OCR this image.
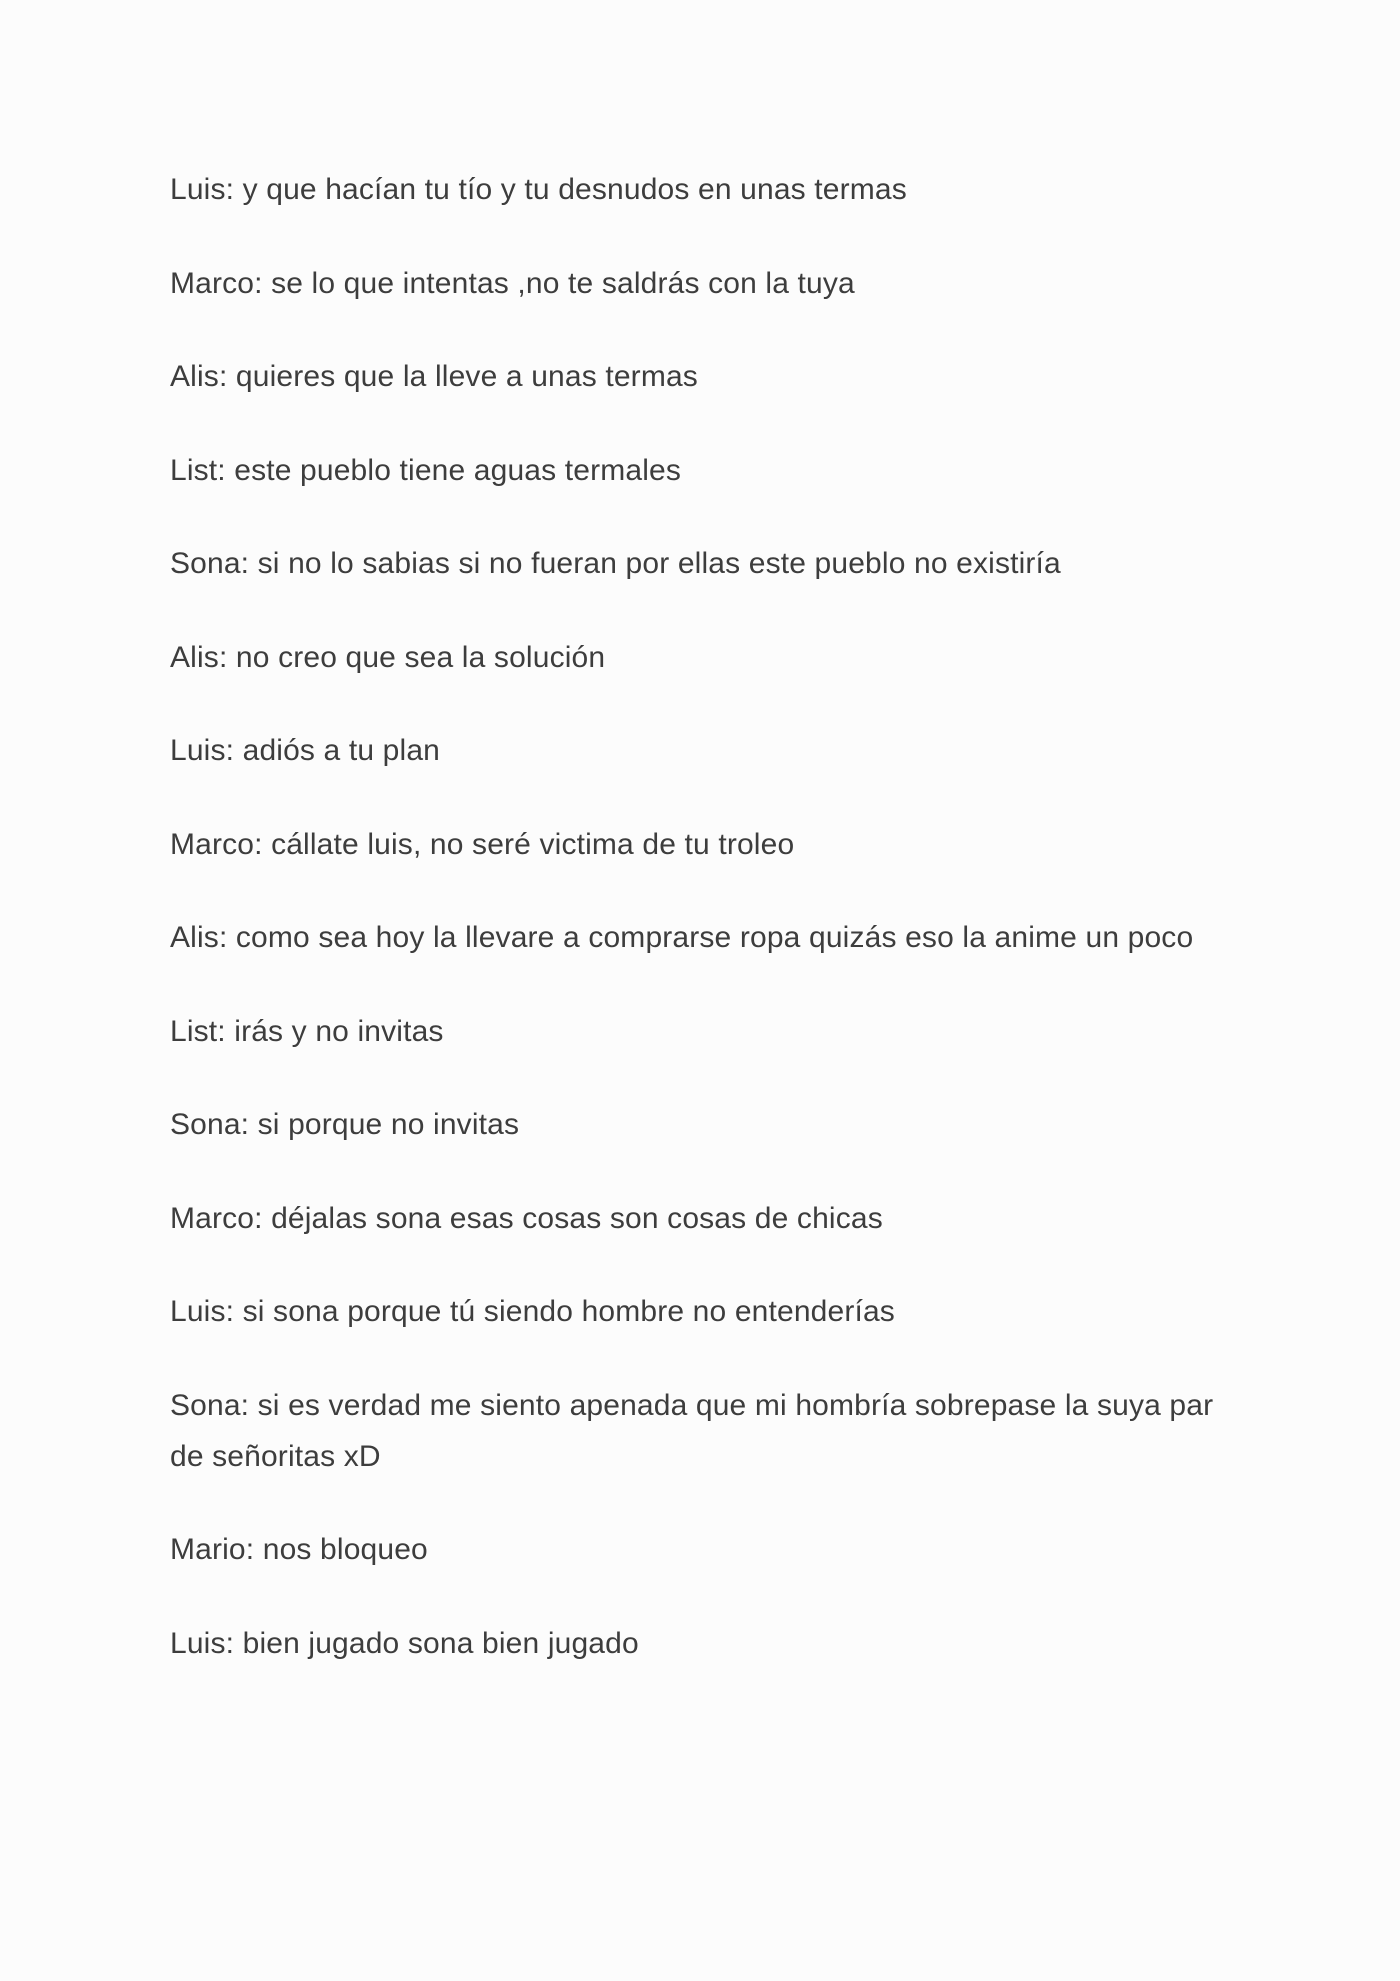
Luis: y que hacían tu tío y tu desnudos en unas termas
Marco: se lo que intentas ,no te saldrás con la tuya
Alis: quieres que la lleve a unas termas
List: este pueblo tiene aguas termales
Sona: si no lo sabias si no fueran por ellas este pueblo no existiría
Alis: no creo que sea la solución
Luis: adiós a tu plan
Marco: cállate luis, no seré victima de tu troleo
Alis: como sea hoy la llevare a comprarse ropa quizás eso la anime un poco
List: irás y no invitas
Sona: si porque no invitas
Marco: déjalas sona esas cosas son cosas de chicas
Luis: si sona porque tú siendo hombre no entenderías
Sona: si es verdad me siento apenada que mi hombría sobrepase la suya par de señoritas xD
Mario: nos bloqueo
Luis: bien jugado sona bien jugado
